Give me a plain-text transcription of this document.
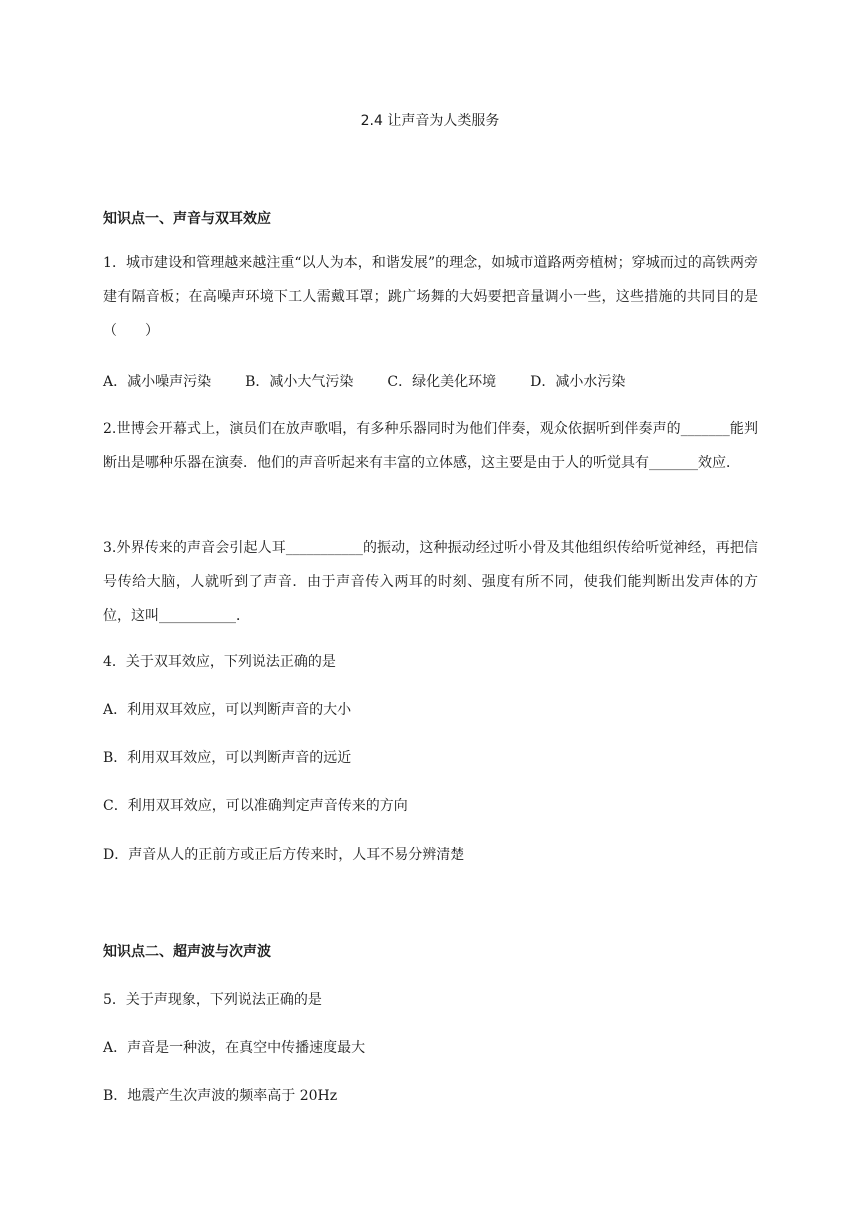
2.4 让声音为人类服务
知识点一、声音与双耳效应
1．城市建设和管理越来越注重“以人为本，和谐发展”的理念，如城市道路两旁植树；穿城而过的高铁两旁建有隔音板；在高噪声环境下工人需戴耳罩；跳广场舞的大妈要把音量调小一些，这些措施的共同目的是（　　）
A．减小噪声污染 B．减小大气污染 C．绿化美化环境 D．减小水污染
2.世博会开幕式上，演员们在放声歌唱，有多种乐器同时为他们伴奏，观众依据听到伴奏声的_______能判断出是哪种乐器在演奏．他们的声音听起来有丰富的立体感，这主要是由于人的听觉具有_______效应．
3.外界传来的声音会引起人耳___________的振动，这种振动经过听小骨及其他组织传给听觉神经，再把信号传给大脑，人就听到了声音．由于声音传入两耳的时刻、强度有所不同，使我们能判断出发声体的方位，这叫___________．
4．关于双耳效应，下列说法正确的是
A．利用双耳效应，可以判断声音的大小
B．利用双耳效应，可以判断声音的远近
C．利用双耳效应，可以准确判定声音传来的方向
D．声音从人的正前方或正后方传来时，人耳不易分辨清楚
知识点二、超声波与次声波
5．关于声现象，下列说法正确的是
A．声音是一种波，在真空中传播速度最大
B．地震产生次声波的频率高于 20Hz
